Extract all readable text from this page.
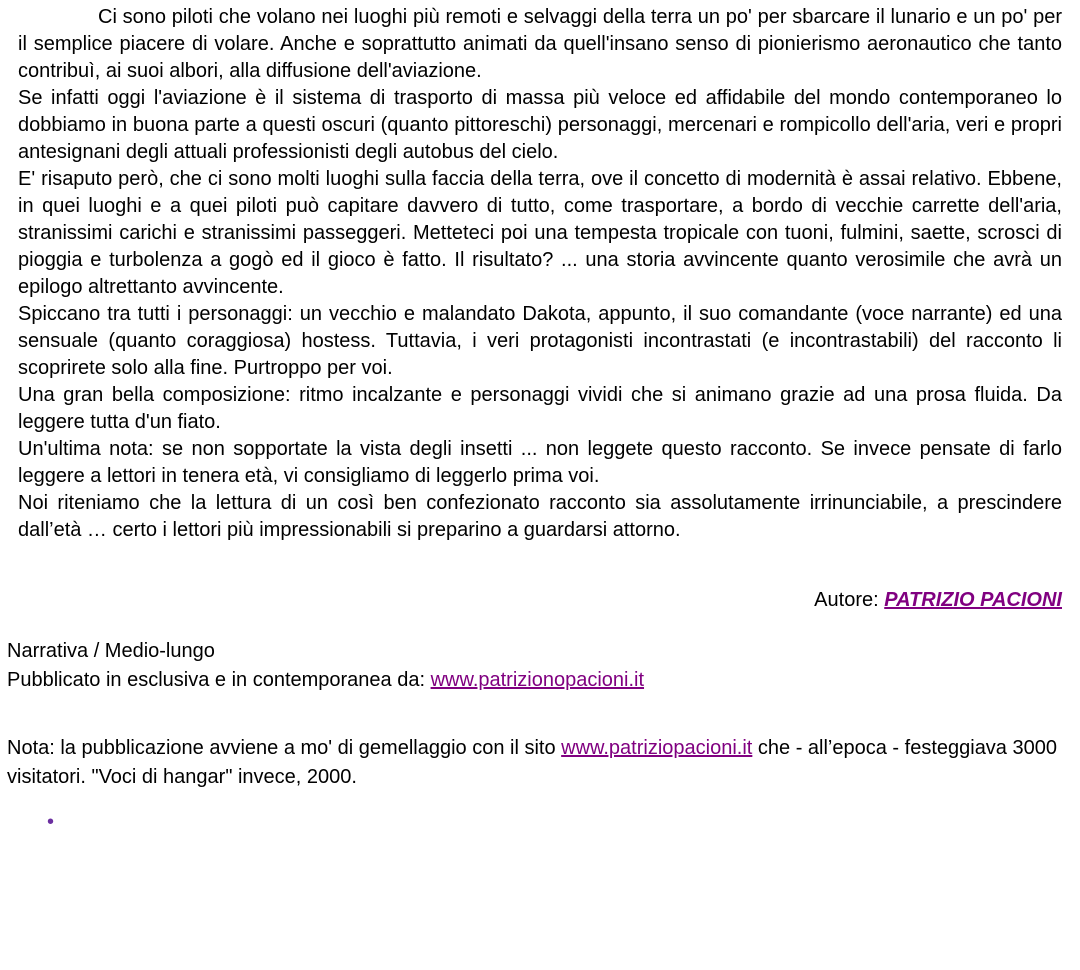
Ci sono piloti che volano nei luoghi più remoti e selvaggi della terra un po' per sbarcare il lunario e un po' per il semplice piacere di volare. Anche e soprattutto animati da quell'insano senso di pionierismo aeronautico che tanto contribuì, ai suoi albori, alla diffusione dell'aviazione.

Se infatti oggi l'aviazione è il sistema di trasporto di massa più veloce ed affidabile del mondo contemporaneo lo dobbiamo in buona parte a questi oscuri (quanto pittoreschi) personaggi, mercenari e rompicollo dell'aria, veri e propri antesignani degli attuali professionisti degli autobus del cielo.

E' risaputo però, che ci sono molti luoghi sulla faccia della terra, ove il concetto di modernità è assai relativo. Ebbene, in quei luoghi e a quei piloti può capitare davvero di tutto, come trasportare, a bordo di vecchie carrette dell'aria, stranissimi carichi e stranissimi passeggeri. Metteteci poi una tempesta tropicale con tuoni, fulmini, saette, scrosci di pioggia e turbolenza a gogò ed il gioco è fatto. Il risultato? ... una storia avvincente quanto verosimile che avrà un epilogo altrettanto avvincente.

Spiccano tra tutti i personaggi: un vecchio e malandato Dakota, appunto, il suo comandante (voce narrante) ed una sensuale (quanto coraggiosa) hostess. Tuttavia, i veri protagonisti incontrastati (e incontrastabili) del racconto li scoprirete solo alla fine. Purtroppo per voi.

Una gran bella composizione: ritmo incalzante e personaggi vividi che si animano grazie ad una prosa fluida. Da leggere tutta d'un fiato.

Un'ultima nota: se non sopportate la vista degli insetti ... non leggete questo racconto. Se invece pensate di farlo leggere a lettori in tenera età, vi consigliamo di leggerlo prima voi.

Noi riteniamo che la lettura di un così ben confezionato racconto sia assolutamente irrinunciabile, a prescindere dall’età … certo i lettori più impressionabili si preparino a guardarsi attorno.

Autore: PATRIZIO PACIONI
Narrativa / Medio-lungo
Pubblicato in esclusiva e in contemporanea da: www.patrizionopacioni.it
Nota: la pubblicazione avviene a mo' di gemellaggio con il sito www.patriziopacioni.it che - all’epoca - festeggiava 3000 visitatori. "Voci di hangar" invece, 2000.
•
